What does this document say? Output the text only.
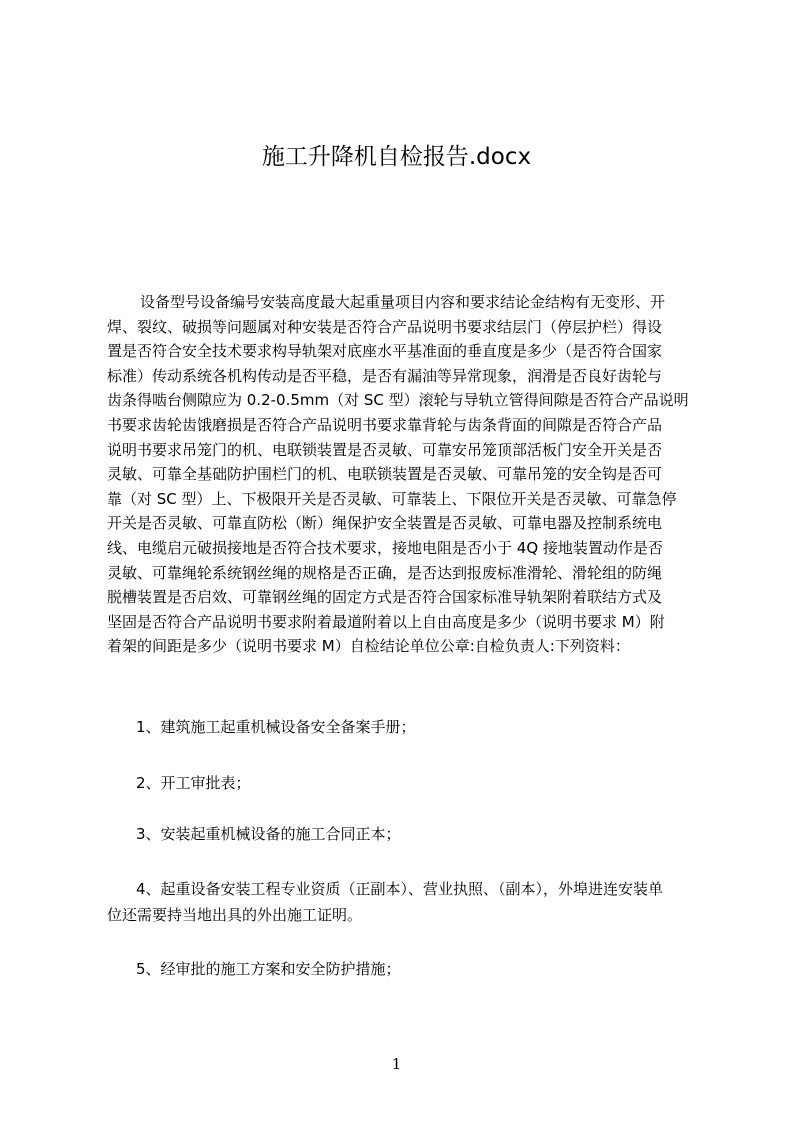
施工升降机自检报告.docx
设备型号设备编号安装高度最大起重量项目内容和要求结论金结构有无变形、开
焊、裂纹、破损等问题属对种安装是否符合产品说明书要求结层门（停层护栏）得设
置是否符合安全技术要求构导轨架对底座水平基准面的垂直度是多少（是否符合国家
标准）传动系统各机构传动是否平稳，是否有漏油等异常现象，润滑是否良好齿轮与
齿条得啮台侧隙应为 0.2-0.5mm（对 SC 型）滚轮与导轨立管得间隙是否符合产品说明
书要求齿轮齿饿磨损是否符合产品说明书要求靠背轮与齿条背面的间隙是否符合产品
说明书要求吊笼门的机、电联锁装置是否灵敏、可靠安吊笼顶部活板门安全开关是否
灵敏、可靠全基础防护围栏门的机、电联锁装置是否灵敏、可靠吊笼的安全钩是否可
靠（对 SC 型）上、下极限开关是否灵敏、可靠装上、下限位开关是否灵敏、可靠急停
开关是否灵敏、可靠直防松（断）绳保护安全装置是否灵敏、可靠电器及控制系统电
线、电缆启元破损接地是否符合技术要求，接地电阻是否小于 4Q 接地装置动作是否
灵敏、可靠绳轮系统钢丝绳的规格是否正确，是否达到报废标准滑轮、滑轮组的防绳
脱槽装置是否启效、可靠钢丝绳的固定方式是否符合国家标准导轨架附着联结方式及
坚固是否符合产品说明书要求附着最道附着以上自由高度是多少（说明书要求 M）附
着架的间距是多少（说明书要求 M）自检结论单位公章:自检负责人:下列资料：
1、建筑施工起重机械设备安全备案手册；
2、开工审批表；
3、安装起重机械设备的施工合同正本；
4、起重设备安装工程专业资质（正副本）、营业执照、（副本），外埠进连安装单
位还需要持当地出具的外出施工证明。
5、经审批的施工方案和安全防护措施；
1
